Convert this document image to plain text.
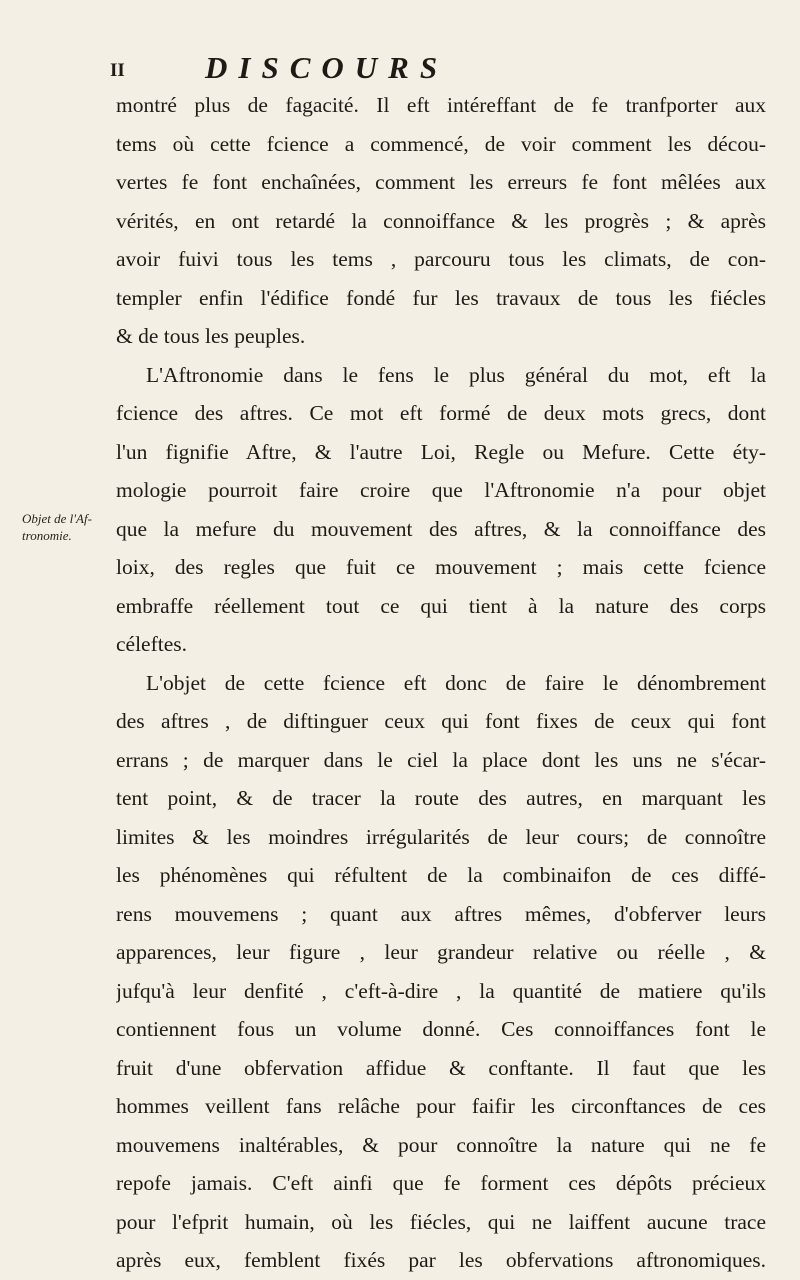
II	DISCOURS
Objet de l'Af-
tronomie.
montré plus de fagacité. Il eft intéreffant de fe tranfporter aux
tems où cette fcience a commencé, de voir comment les décou-
vertes fe font enchaînées, comment les erreurs fe font mêlées aux
vérités, en ont retardé la connoiffance & les progrès ; & après
avoir fuivi tous les tems , parcouru tous les climats, de con-
templer enfin l'édifice fondé fur les travaux de tous les fiécles
& de tous les peuples.
L'Aftronomie dans le fens le plus général du mot, eft la
fcience des aftres. Ce mot eft formé de deux mots grecs, dont
l'un fignifie Aftre, & l'autre Loi, Regle ou Mefure. Cette éty-
mologie pourroit faire croire que l'Aftronomie n'a pour objet
que la mefure du mouvement des aftres, & la connoiffance des
loix, des regles que fuit ce mouvement ; mais cette fcience
embraffe réellement tout ce qui tient à la nature des corps
céleftes.
L'objet de cette fcience eft donc de faire le dénombrement
des aftres , de diftinguer ceux qui font fixes de ceux qui font
errans ; de marquer dans le ciel la place dont les uns ne s'écar-
tent point, & de tracer la route des autres, en marquant les
limites & les moindres irrégularités de leur cours; de connoître
les phénomènes qui réfultent de la combinaifon de ces diffé-
rens mouvemens ; quant aux aftres mêmes, d'obferver leurs
apparences, leur figure , leur grandeur relative ou réelle , &
jufqu'à leur denfité , c'eft-à-dire , la quantité de matiere qu'ils
contiennent fous un volume donné. Ces connoiffances font le
fruit d'une obfervation affidue & conftante. Il faut que les
hommes veillent fans relâche pour faifir les circonftances de ces
mouvemens inaltérables, & pour connoître la nature qui ne fe
repofe jamais. C'eft ainfi que fe forment ces dépôts précieux
pour l'efprit humain, où les fiécles, qui ne laiffent aucune trace
après eux, femblent fixés par les obfervations aftronomiques.
